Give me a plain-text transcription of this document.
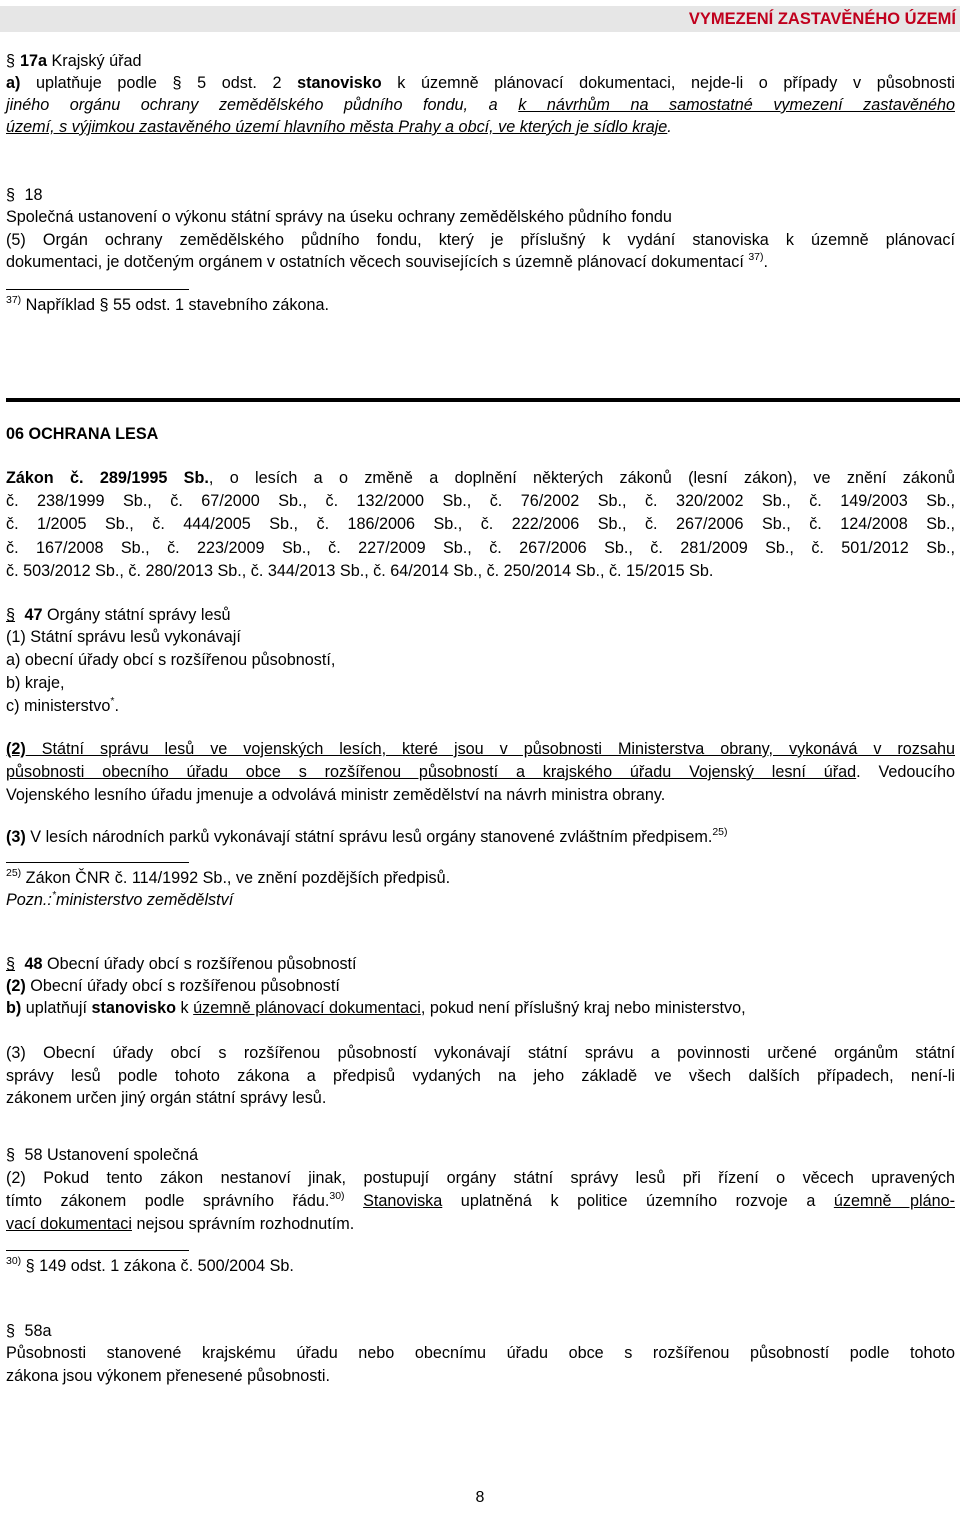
VYMEZENÍ ZASTAVĚNÉHO ÚZEMÍ
§ 17a Krajský úřad
a) uplatňuje podle § 5 odst. 2 stanovisko k územně plánovací dokumentaci, nejde-li o případy v působnosti
jiného orgánu ochrany zemědělského půdního fondu, a k návrhům na samostatné vymezení zastavěného
území, s výjimkou zastavěného území hlavního města Prahy a obcí, ve kterých je sídlo kraje.
§ 18
Společná ustanovení o výkonu státní správy na úseku ochrany zemědělského půdního fondu
(5) Orgán ochrany zemědělského půdního fondu, který je příslušný k vydání stanoviska k územně plánovací
dokumentaci, je dotčeným orgánem v ostatních věcech souvisejících s územně plánovací dokumentací $^{37)}$.
$^{37)}$ Například § 55 odst. 1 stavebního zákona.
06 OCHRANA LESA
Zákon č. 289/1995 Sb., o lesích a o změně a doplnění některých zákonů (lesní zákon), ve znění zákonů
č. 238/1999 Sb., č. 67/2000 Sb., č. 132/2000 Sb., č. 76/2002 Sb., č. 320/2002 Sb., č. 149/2003 Sb.,
č. 1/2005 Sb., č. 444/2005 Sb., č. 186/2006 Sb., č. 222/2006 Sb., č. 267/2006 Sb., č. 124/2008 Sb.,
č. 167/2008 Sb., č. 223/2009 Sb., č. 227/2009 Sb., č. 267/2006 Sb., č. 281/2009 Sb., č. 501/2012 Sb.,
č. 503/2012 Sb., č. 280/2013 Sb., č. 344/2013 Sb., č. 64/2014 Sb., č. 250/2014 Sb., č. 15/2015 Sb.
§ 47 Orgány státní správy lesů
(1) Státní správu lesů vykonávají
a) obecní úřady obcí s rozšířenou působností,
b) kraje,
c) ministerstvo*.
(2) Státní správu lesů ve vojenských lesích, které jsou v působnosti Ministerstva obrany, vykonává v rozsahu
působnosti obecního úřadu obce s rozšířenou působností a krajského úřadu Vojenský lesní úřad. Vedoucího
Vojenského lesního úřadu jmenuje a odvolává ministr zemědělství na návrh ministra obrany.
(3) V lesích národních parků vykonávají státní správu lesů orgány stanovené zvláštním předpisem.$^{25)}$
$^{25)}$ Zákon ČNR č. 114/1992 Sb., ve znění pozdějších předpisů.
Pozn.:*ministerstvo zemědělství
§ 48 Obecní úřady obcí s rozšířenou působností
(2) Obecní úřady obcí s rozšířenou působností
b) uplatňují stanovisko k územně plánovací dokumentaci, pokud není příslušný kraj nebo ministerstvo,
(3) Obecní úřady obcí s rozšířenou působností vykonávají státní správu a povinnosti určené orgánům státní
správy lesů podle tohoto zákona a předpisů vydaných na jeho základě ve všech dalších případech, není-li
zákonem určen jiný orgán státní správy lesů.
§ 58 Ustanovení společná
(2) Pokud tento zákon nestanoví jinak, postupují orgány státní správy lesů při řízení o věcech upravených
tímto zákonem podle správního řádu.$^{30)}$ Stanoviska uplatněná k politice územního rozvoje a územně pláno-
vací dokumentaci nejsou správním rozhodnutím.
$^{30)}$ § 149 odst. 1 zákona č. 500/2004 Sb.
§ 58a
Působnosti stanovené krajskému úřadu nebo obecnímu úřadu obce s rozšířenou působností podle tohoto
zákona jsou výkonem přenesené působnosti.
8
